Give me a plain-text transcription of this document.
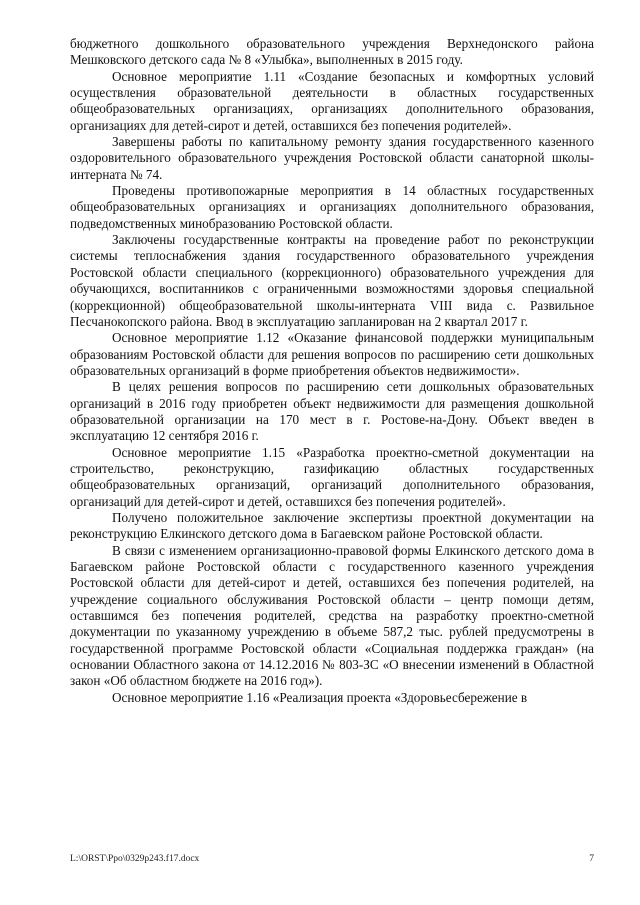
бюджетного дошкольного образовательного учреждения Верхнедонского района Мешковского детского сада № 8 «Улыбка», выполненных в 2015 году.

Основное мероприятие 1.11 «Создание безопасных и комфортных условий осуществления образовательной деятельности в областных государственных общеобразовательных организациях, организациях дополнительного образования, организациях для детей-сирот и детей, оставшихся без попечения родителей».

Завершены работы по капитальному ремонту здания государственного казенного оздоровительного образовательного учреждения Ростовской области санаторной школы-интерната № 74.

Проведены противопожарные мероприятия в 14 областных государственных общеобразовательных организациях и организациях дополнительного образования, подведомственных минобразованию Ростовской области.

Заключены государственные контракты на проведение работ по реконструкции системы теплоснабжения здания государственного образовательного учреждения Ростовской области специального (коррекционного) образовательного учреждения для обучающихся, воспитанников с ограниченными возможностями здоровья специальной (коррекционной) общеобразовательной школы-интерната VIII вида с. Развильное Песчанокопского района. Ввод в эксплуатацию запланирован на 2 квартал 2017 г.

Основное мероприятие 1.12 «Оказание финансовой поддержки муниципальным образованиям Ростовской области для решения вопросов по расширению сети дошкольных образовательных организаций в форме приобретения объектов недвижимости».

В целях решения вопросов по расширению сети дошкольных образовательных организаций в 2016 году приобретен объект недвижимости для размещения дошкольной образовательной организации на 170 мест в г. Ростове-на-Дону. Объект введен в эксплуатацию 12 сентября 2016 г.

Основное мероприятие 1.15 «Разработка проектно-сметной документации на строительство, реконструкцию, газификацию областных государственных общеобразовательных организаций, организаций дополнительного образования, организаций для детей-сирот и детей, оставшихся без попечения родителей».

Получено положительное заключение экспертизы проектной документации на реконструкцию Елкинского детского дома в Багаевском районе Ростовской области.

В связи с изменением организационно-правовой формы Елкинского детского дома в Багаевском районе Ростовской области с государственного казенного учреждения Ростовской области для детей-сирот и детей, оставшихся без попечения родителей, на учреждение социального обслуживания Ростовской области – центр помощи детям, оставшимся без попечения родителей, средства на разработку проектно-сметной документации по указанному учреждению в объеме 587,2 тыс. рублей предусмотрены в государственной программе Ростовской области «Социальная поддержка граждан» (на основании Областного закона от 14.12.2016 № 803-ЗС «О внесении изменений в Областной закон «Об областном бюджете на 2016 год»).

Основное мероприятие 1.16 «Реализация проекта «Здоровьесбережение в

L:\ORST\Ppo\0329p243.f17.docx	7
